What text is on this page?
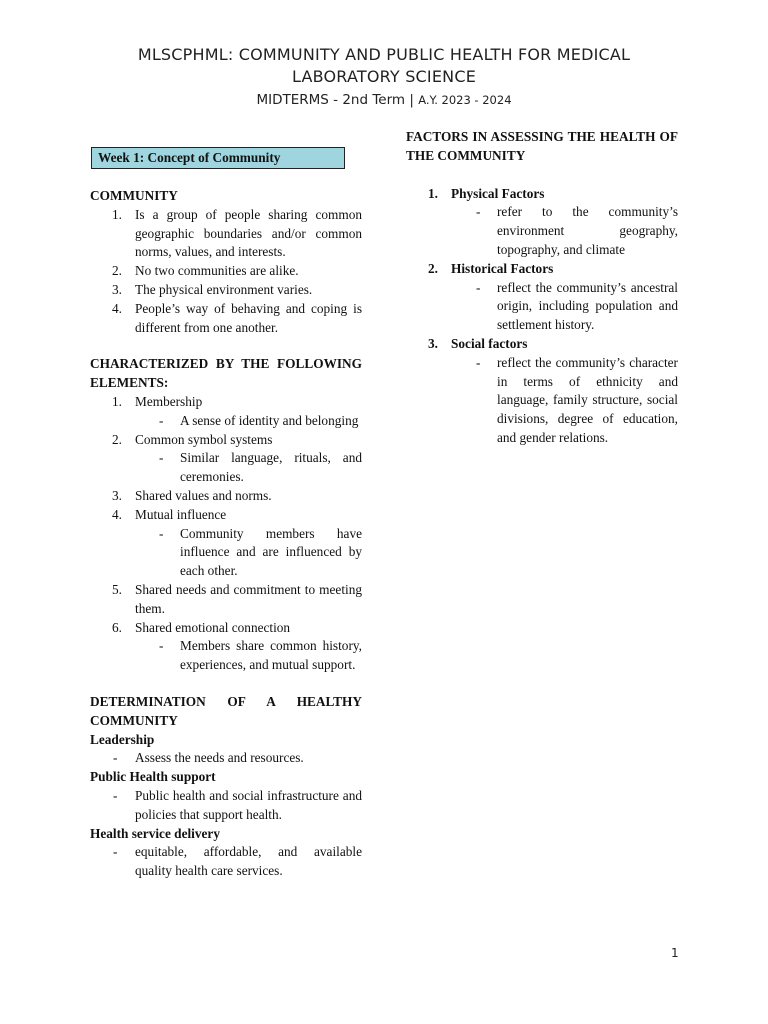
MLSCPHML: COMMUNITY AND PUBLIC HEALTH FOR MEDICAL
LABORATORY SCIENCE
MIDTERMS - 2nd Term | A.Y. 2023 - 2024
Week 1: Concept of Community
COMMUNITY
1. Is a group of people sharing common geographic boundaries and/or common norms, values, and interests.
2. No two communities are alike.
3. The physical environment varies.
4. People’s way of behaving and coping is different from one another.
CHARACTERIZED BY THE FOLLOWING ELEMENTS:
1. Membership
- A sense of identity and belonging
2. Common symbol systems
- Similar language, rituals, and ceremonies.
3. Shared values and norms.
4. Mutual influence
- Community members have influence and are influenced by each other.
5. Shared needs and commitment to meeting them.
6. Shared emotional connection
- Members share common history, experiences, and mutual support.
DETERMINATION OF A HEALTHY COMMUNITY
Leadership
- Assess the needs and resources.
Public Health support
- Public health and social infrastructure and policies that support health.
Health service delivery
- equitable, affordable, and available quality health care services.
FACTORS IN ASSESSING THE HEALTH OF THE COMMUNITY
1. Physical Factors
- refer to the community’s environment geography, topography, and climate
2. Historical Factors
- reflect the community’s ancestral origin, including population and settlement history.
3. Social factors
- reflect the community’s character in terms of ethnicity and language, family structure, social divisions, degree of education, and gender relations.
1
